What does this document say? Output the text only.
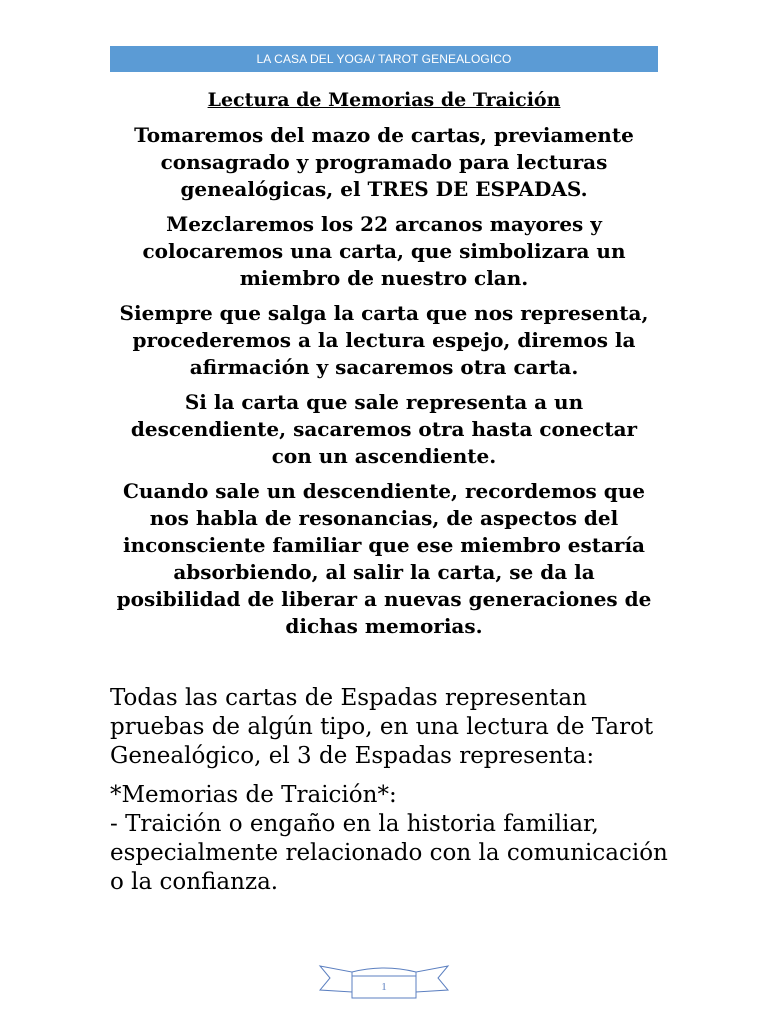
LA CASA DEL YOGA/ TAROT GENEALOGICO

Lectura de Memorias de Traición

Tomaremos del mazo de cartas, previamente consagrado y programado para lecturas genealógicas, el TRES DE ESPADAS.

Mezclaremos los 22 arcanos mayores y colocaremos una carta, que simbolizara un miembro de nuestro clan.

Siempre que salga la carta que nos representa, procederemos a la lectura espejo, diremos la afirmación y sacaremos otra carta.

Si la carta que sale representa a un descendiente, sacaremos otra hasta conectar con un ascendiente.

Cuando sale un descendiente, recordemos que nos habla de resonancias, de aspectos del inconsciente familiar que ese miembro estaría absorbiendo, al salir la carta, se da la posibilidad de liberar a nuevas generaciones de dichas memorias.

Todas las cartas de Espadas representan pruebas de algún tipo, en una lectura de Tarot Genealógico, el 3 de Espadas representa:

*Memorias de Traición*:
- Traición o engaño en la historia familiar, especialmente relacionado con la comunicación o la confianza.

1
